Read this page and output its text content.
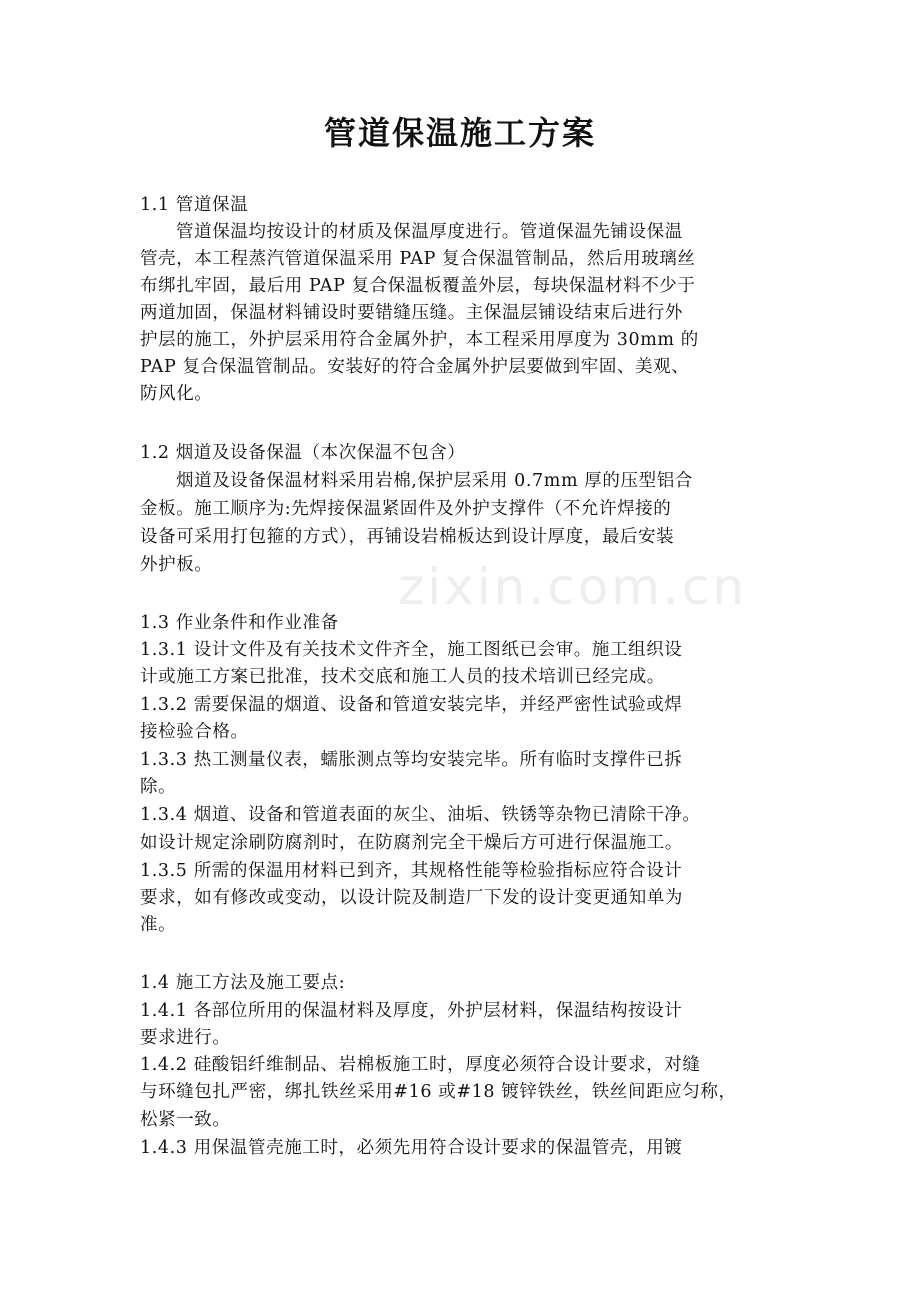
zixin.com.cn
管道保温施工方案
1.1 管道保温
管道保温均按设计的材质及保温厚度进行。管道保温先铺设保温
管壳，本工程蒸汽管道保温采用 PAP 复合保温管制品，然后用玻璃丝
布绑扎牢固，最后用 PAP 复合保温板覆盖外层，每块保温材料不少于
两道加固，保温材料铺设时要错缝压缝。主保温层铺设结束后进行外
护层的施工，外护层采用符合金属外护，本工程采用厚度为 30mm 的
PAP 复合保温管制品。安装好的符合金属外护层要做到牢固、美观、
防风化。
1.2 烟道及设备保温（本次保温不包含）
烟道及设备保温材料采用岩棉,保护层采用 0.7mm 厚的压型铝合
金板。施工顺序为:先焊接保温紧固件及外护支撑件（不允许焊接的
设备可采用打包箍的方式），再铺设岩棉板达到设计厚度，最后安装
外护板。
1.3 作业条件和作业准备
1.3.1 设计文件及有关技术文件齐全，施工图纸已会审。施工组织设
计或施工方案已批准，技术交底和施工人员的技术培训已经完成。
1.3.2 需要保温的烟道、设备和管道安装完毕，并经严密性试验或焊
接检验合格。
1.3.3 热工测量仪表，蠕胀测点等均安装完毕。所有临时支撑件已拆
除。
1.3.4 烟道、设备和管道表面的灰尘、油垢、铁锈等杂物已清除干净。
如设计规定涂刷防腐剂时，在防腐剂完全干燥后方可进行保温施工。
1.3.5 所需的保温用材料已到齐，其规格性能等检验指标应符合设计
要求，如有修改或变动，以设计院及制造厂下发的设计变更通知单为
准。
1.4 施工方法及施工要点:
1.4.1 各部位所用的保温材料及厚度，外护层材料，保温结构按设计
要求进行。
1.4.2 硅酸铝纤维制品、岩棉板施工时，厚度必须符合设计要求，对缝
与环缝包扎严密，绑扎铁丝采用#16 或#18 镀锌铁丝，铁丝间距应匀称，
松紧一致。
1.4.3 用保温管壳施工时，必须先用符合设计要求的保温管壳，用镀
